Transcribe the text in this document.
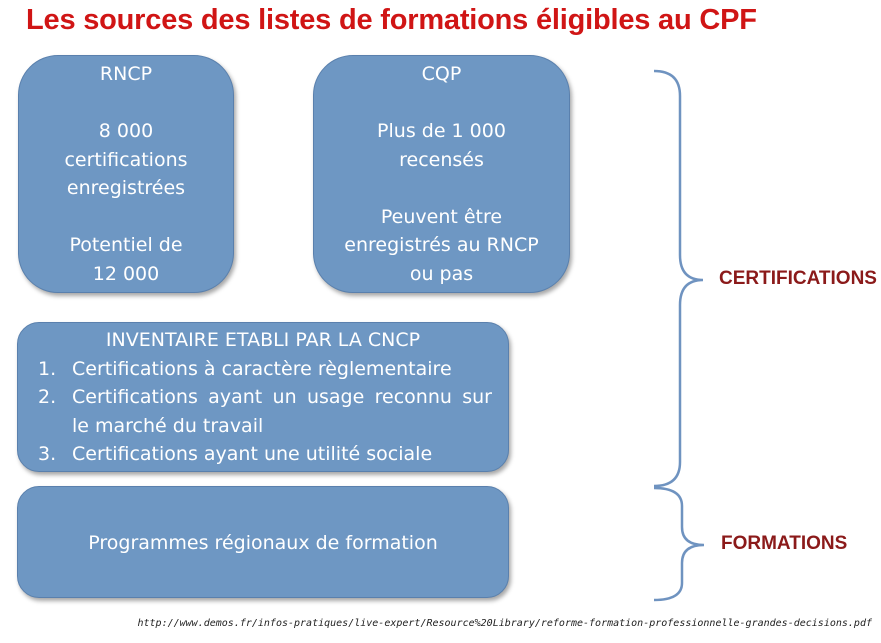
Les sources des listes de formations éligibles au CPF
RNCP
8 000
certifications
enregistrées
Potentiel de
12 000
CQP
Plus de 1 000
recensés
Peuvent être
enregistrés au RNCP
ou pas
INVENTAIRE ETABLI PAR LA CNCP
1. Certifications à caractère règlementaire
2. Certifications ayant un usage reconnu sur le marché du travail
3. Certifications ayant une utilité sociale
Programmes régionaux de formation
CERTIFICATIONS
FORMATIONS
http://www.demos.fr/infos-pratiques/live-expert/Resource%20Library/reforme-formation-professionnelle-grandes-decisions.pdf
